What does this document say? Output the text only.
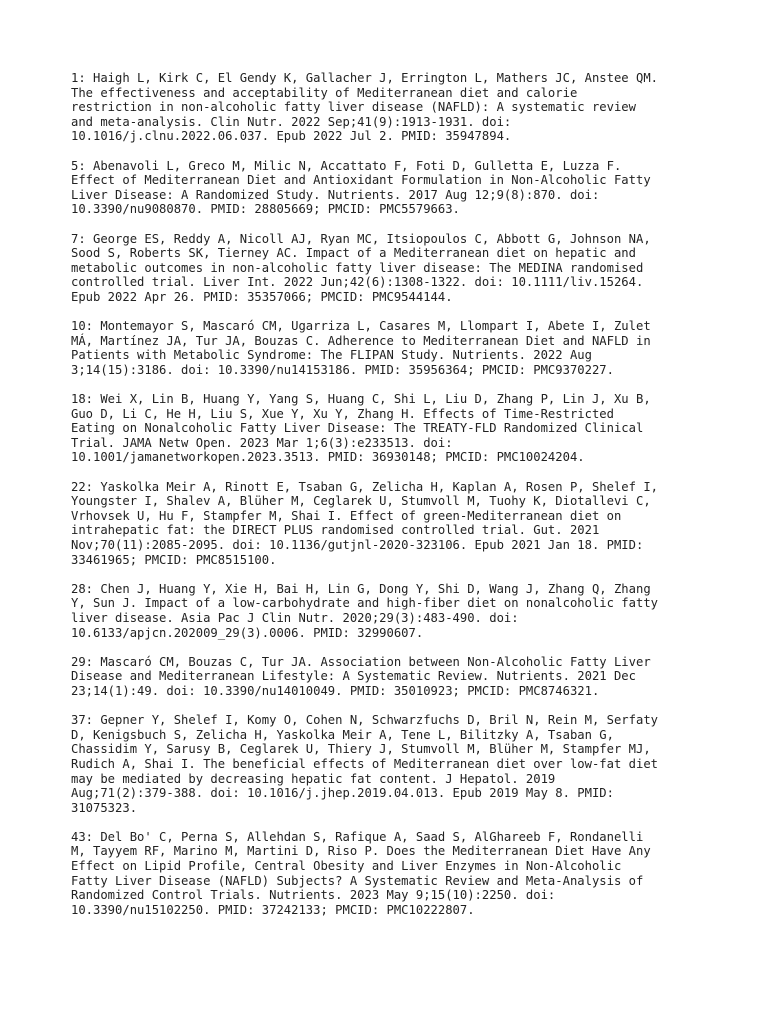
1: Haigh L, Kirk C, El Gendy K, Gallacher J, Errington L, Mathers JC, Anstee QM.
The effectiveness and acceptability of Mediterranean diet and calorie
restriction in non-alcoholic fatty liver disease (NAFLD): A systematic review
and meta-analysis. Clin Nutr. 2022 Sep;41(9):1913-1931. doi:
10.1016/j.clnu.2022.06.037. Epub 2022 Jul 2. PMID: 35947894.

5: Abenavoli L, Greco M, Milic N, Accattato F, Foti D, Gulletta E, Luzza F.
Effect of Mediterranean Diet and Antioxidant Formulation in Non-Alcoholic Fatty
Liver Disease: A Randomized Study. Nutrients. 2017 Aug 12;9(8):870. doi:
10.3390/nu9080870. PMID: 28805669; PMCID: PMC5579663.

7: George ES, Reddy A, Nicoll AJ, Ryan MC, Itsiopoulos C, Abbott G, Johnson NA,
Sood S, Roberts SK, Tierney AC. Impact of a Mediterranean diet on hepatic and
metabolic outcomes in non-alcoholic fatty liver disease: The MEDINA randomised
controlled trial. Liver Int. 2022 Jun;42(6):1308-1322. doi: 10.1111/liv.15264.
Epub 2022 Apr 26. PMID: 35357066; PMCID: PMC9544144.

10: Montemayor S, Mascaró CM, Ugarriza L, Casares M, Llompart I, Abete I, Zulet
MÁ, Martínez JA, Tur JA, Bouzas C. Adherence to Mediterranean Diet and NAFLD in
Patients with Metabolic Syndrome: The FLIPAN Study. Nutrients. 2022 Aug
3;14(15):3186. doi: 10.3390/nu14153186. PMID: 35956364; PMCID: PMC9370227.

18: Wei X, Lin B, Huang Y, Yang S, Huang C, Shi L, Liu D, Zhang P, Lin J, Xu B,
Guo D, Li C, He H, Liu S, Xue Y, Xu Y, Zhang H. Effects of Time-Restricted
Eating on Nonalcoholic Fatty Liver Disease: The TREATY-FLD Randomized Clinical
Trial. JAMA Netw Open. 2023 Mar 1;6(3):e233513. doi:
10.1001/jamanetworkopen.2023.3513. PMID: 36930148; PMCID: PMC10024204.

22: Yaskolka Meir A, Rinott E, Tsaban G, Zelicha H, Kaplan A, Rosen P, Shelef I,
Youngster I, Shalev A, Blüher M, Ceglarek U, Stumvoll M, Tuohy K, Diotallevi C,
Vrhovsek U, Hu F, Stampfer M, Shai I. Effect of green-Mediterranean diet on
intrahepatic fat: the DIRECT PLUS randomised controlled trial. Gut. 2021
Nov;70(11):2085-2095. doi: 10.1136/gutjnl-2020-323106. Epub 2021 Jan 18. PMID:
33461965; PMCID: PMC8515100.

28: Chen J, Huang Y, Xie H, Bai H, Lin G, Dong Y, Shi D, Wang J, Zhang Q, Zhang
Y, Sun J. Impact of a low-carbohydrate and high-fiber diet on nonalcoholic fatty
liver disease. Asia Pac J Clin Nutr. 2020;29(3):483-490. doi:
10.6133/apjcn.202009_29(3).0006. PMID: 32990607.

29: Mascaró CM, Bouzas C, Tur JA. Association between Non-Alcoholic Fatty Liver
Disease and Mediterranean Lifestyle: A Systematic Review. Nutrients. 2021 Dec
23;14(1):49. doi: 10.3390/nu14010049. PMID: 35010923; PMCID: PMC8746321.

37: Gepner Y, Shelef I, Komy O, Cohen N, Schwarzfuchs D, Bril N, Rein M, Serfaty
D, Kenigsbuch S, Zelicha H, Yaskolka Meir A, Tene L, Bilitzky A, Tsaban G,
Chassidim Y, Sarusy B, Ceglarek U, Thiery J, Stumvoll M, Blüher M, Stampfer MJ,
Rudich A, Shai I. The beneficial effects of Mediterranean diet over low-fat diet
may be mediated by decreasing hepatic fat content. J Hepatol. 2019
Aug;71(2):379-388. doi: 10.1016/j.jhep.2019.04.013. Epub 2019 May 8. PMID:
31075323.

43: Del Bo' C, Perna S, Allehdan S, Rafique A, Saad S, AlGhareeb F, Rondanelli
M, Tayyem RF, Marino M, Martini D, Riso P. Does the Mediterranean Diet Have Any
Effect on Lipid Profile, Central Obesity and Liver Enzymes in Non-Alcoholic
Fatty Liver Disease (NAFLD) Subjects? A Systematic Review and Meta-Analysis of
Randomized Control Trials. Nutrients. 2023 May 9;15(10):2250. doi:
10.3390/nu15102250. PMID: 37242133; PMCID: PMC10222807.
